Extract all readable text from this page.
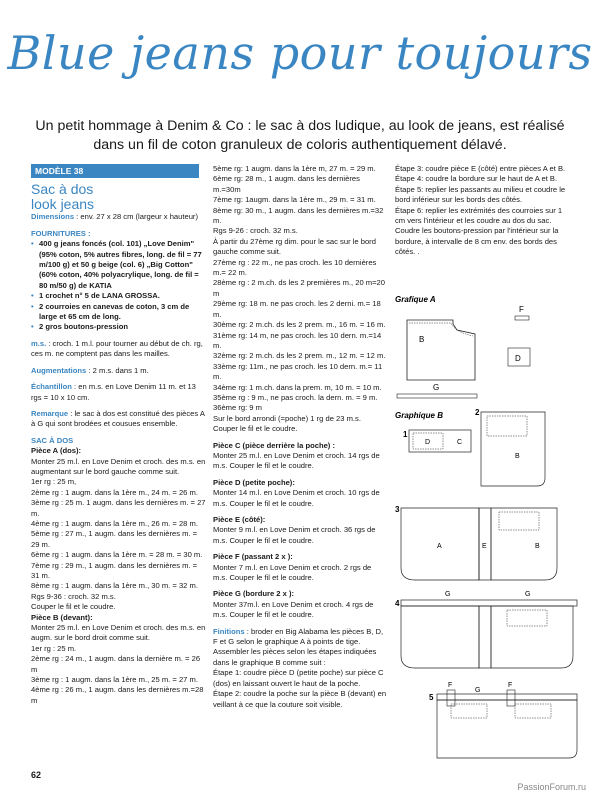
Blue jeans pour toujours
Un petit hommage à Denim & Co : le sac à dos ludique, au look de jeans, est réalisé dans un fil de coton granuleux de coloris authentiquement délavé.
MODÈLE 38
Sac à dos
look jeans

Dimensions : env. 27 x 28 cm (largeur x hauteur)

FOURNITURES :

• 400 g jeans foncés (col. 101) „Love Denim" (95% coton, 5% autres fibres, long. de fil = 77 m/100 g) et 50 g beige (col. 6) „Big Cotton" (60% coton, 40% polyacrylique, long. de fil = 80 m/50 g) de KATIA

• 1 crochet n° 5 de LANA GROSSA.

• 2 courroies en canevas de coton, 3 cm de large et 65 cm de long.

• 2 gros boutons-pression

m.s. : croch. 1 m.l. pour tourner au début de ch. rg, ces m. ne comptent pas dans les mailles.

Augmentations : 2 m.s. dans 1 m.

Échantillon : en m.s. en Love Denim 11 m. et 13 rgs = 10 x 10 cm.

Remarque : le sac à dos est constitué des pièces A à G qui sont brodées et cousues ensemble.

SAC À DOS

Pièce A (dos):

Monter 25 m.l. en Love Denim et croch. des m.s. en augmentant sur le bord gauche comme suit.

1er rg : 25 m,

2ème rg : 1 augm. dans la 1ère m., 24 m. = 26 m.

3ème rg : 25 m. 1 augm. dans les dernières m. = 27 m.

4ème rg : 1 augm. dans la 1ère m., 26 m. = 28 m.

5ème rg : 27 m., 1 augm. dans les dernières m. = 29 m.

6ème rg : 1 augm. dans la 1ère m. = 28 m. = 30 m.

7ème rg : 29 m., 1 augm. dans les dernières m. = 31 m.

8ème rg : 1 augm. dans la 1ère m., 30 m. = 32 m.

Rgs 9-36 : croch. 32 m.s.

Couper le fil et le coudre.

Pièce B (devant):

Monter 25 m.l. en Love Denim et croch. des m.s. en augm. sur le bord droit comme suit.

1er rg : 25 m.

2ème rg : 24 m., 1 augm. dans la dernière m. = 26 m

3ème rg : 1 augm. dans la 1ère m., 25 m. = 27 m.

4ème rg : 26 m., 1 augm. dans les dernières m.=28 m

5ème rg: 1 augm. dans la 1ère m, 27 m. = 29 m.

6ème rg: 28 m., 1 augm. dans les dernières m.=30m

7ème rg: 1augm. dans la 1ère m., 29 m. = 31 m.

8ème rg: 30 m., 1 augm. dans les dernières m.=32 m.

Rgs 9-26 : croch. 32 m.s.

À partir du 27ème rg dim. pour le sac sur le bord gauche comme suit.

27ème rg : 22 m., ne pas croch. les 10 dernières m.= 22 m.

28ème rg : 2 m.ch. ds les 2 premières m., 20 m=20 m

29ème rg: 18 m. ne pas croch. les 2 derni. m.= 18 m.

30ème rg: 2 m.ch. ds les 2 prem. m., 16 m. = 16 m.

31ème rg: 14 m, ne pas croch. les 10 dern. m.=14 m.

32ème rg: 2 m.ch. ds les 2 prem. m., 12 m. = 12 m.

33ème rg: 11m., ne pas croch. les 10 dern. m.= 11 m.

34ème rg: 1 m.ch. dans la prem. m, 10 m. = 10 m.

35ème rg : 9 m., ne pas croch. la dern. m. = 9 m.

36ème rg: 9 m

Sur le bord arrondi (=poche) 1 rg de 23 m.s. Couper le fil et le coudre.

Pièce C (pièce derrière la poche) :

Monter 25 m.l. en Love Denim et croch. 14 rgs de m.s. Couper le fil et le coudre.

Pièce D (petite poche):

Monter 14 m.l. en Love Denim et croch. 10 rgs de m.s. Couper le fil et le coudre.

Pièce E (côté):

Monter 9 m.l. en Love Denim et croch. 36 rgs de m.s. Couper le fil et le coudre.

Pièce F (passant 2 x ):

Monter 7 m.l. en Love Denim et croch. 2 rgs de m.s. Couper le fil et le coudre.

Pièce G (bordure 2 x ):

Monter 37m.l. en Love Denim et croch. 4 rgs de m.s. Couper le fil et le coudre.

Finitions : broder en Big Alabama les pièces B, D, F et G selon le graphique A à points de tige.

Assembler les pièces selon les étapes indiquées dans le graphique B comme suit :

Étape 1: coudre pièce D (petite poche) sur pièce C (dos) en laissant ouvert le haut de la poche.

Étape 2: coudre la poche sur la pièce B (devant) en veillant à ce que la couture soit visible.

Étape 3: coudre pièce E (côté) entre pièces A et B.

Étape 4: coudre la bordure sur le haut de A et B.

Étape 5: replier les passants au milieu et coudre le bord inférieur sur les bords des côtés.

Étape 6: replier les extrémités des courroies sur 1 cm vers l'intérieur et les coudre au dos du sac.

Coudre les boutons-pression par l'intérieur sur la bordure, à intervalle de 8 cm env. des bords des côtés. .

Grafique A
B
F
D
G
Graphique B
1
D	C
2
B
3
A	E	B
4
G	G
5
F	F
G
62
PassionForum.ru
